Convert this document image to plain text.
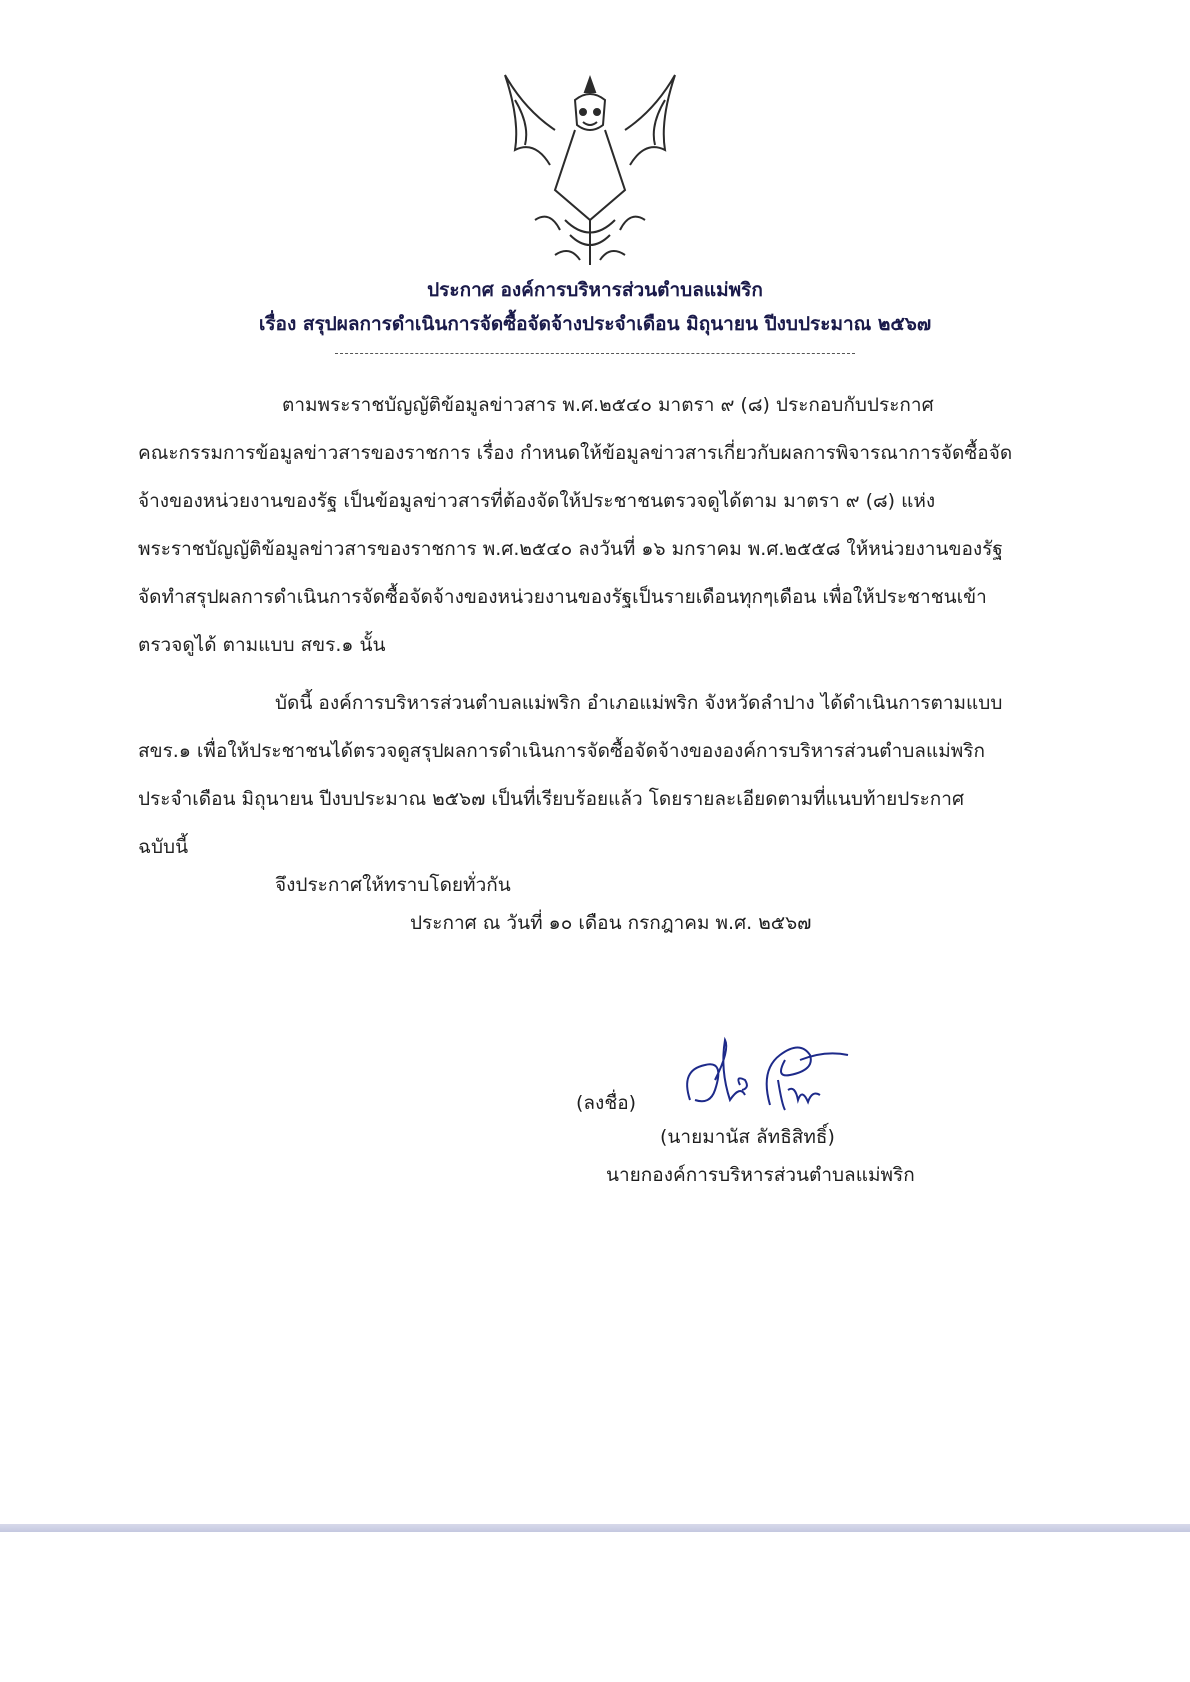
ประกาศ องค์การบริหารส่วนตำบลแม่พริก
เรื่อง สรุปผลการดำเนินการจัดซื้อจัดจ้างประจำเดือน มิถุนายน ปีงบประมาณ ๒๕๖๗
ตามพระราชบัญญัติข้อมูลข่าวสาร พ.ศ.๒๕๔๐ มาตรา ๙ (๘) ประกอบกับประกาศ
คณะกรรมการข้อมูลข่าวสารของราชการ เรื่อง กำหนดให้ข้อมูลข่าวสารเกี่ยวกับผลการพิจารณาการจัดซื้อจัด
จ้างของหน่วยงานของรัฐ เป็นข้อมูลข่าวสารที่ต้องจัดให้ประชาชนตรวจดูได้ตาม มาตรา ๙ (๘) แห่ง
พระราชบัญญัติข้อมูลข่าวสารของราชการ พ.ศ.๒๕๔๐ ลงวันที่ ๑๖ มกราคม พ.ศ.๒๕๕๘ ให้หน่วยงานของรัฐ
จัดทำสรุปผลการดำเนินการจัดซื้อจัดจ้างของหน่วยงานของรัฐเป็นรายเดือนทุกๆเดือน เพื่อให้ประชาชนเข้า
ตรวจดูได้ ตามแบบ สขร.๑ นั้น
บัดนี้ องค์การบริหารส่วนตำบลแม่พริก อำเภอแม่พริก จังหวัดลำปาง ได้ดำเนินการตามแบบ
สขร.๑ เพื่อให้ประชาชนได้ตรวจดูสรุปผลการดำเนินการจัดซื้อจัดจ้างขององค์การบริหารส่วนตำบลแม่พริก
ประจำเดือน มิถุนายน ปีงบประมาณ ๒๕๖๗ เป็นที่เรียบร้อยแล้ว โดยรายละเอียดตามที่แนบท้ายประกาศ
ฉบับนี้
จึงประกาศให้ทราบโดยทั่วกัน
ประกาศ ณ วันที่ ๑๐ เดือน กรกฎาคม พ.ศ. ๒๕๖๗
(ลงชื่อ)
(นายมานัส ลัทธิสิทธิ์)
นายกองค์การบริหารส่วนตำบลแม่พริก
